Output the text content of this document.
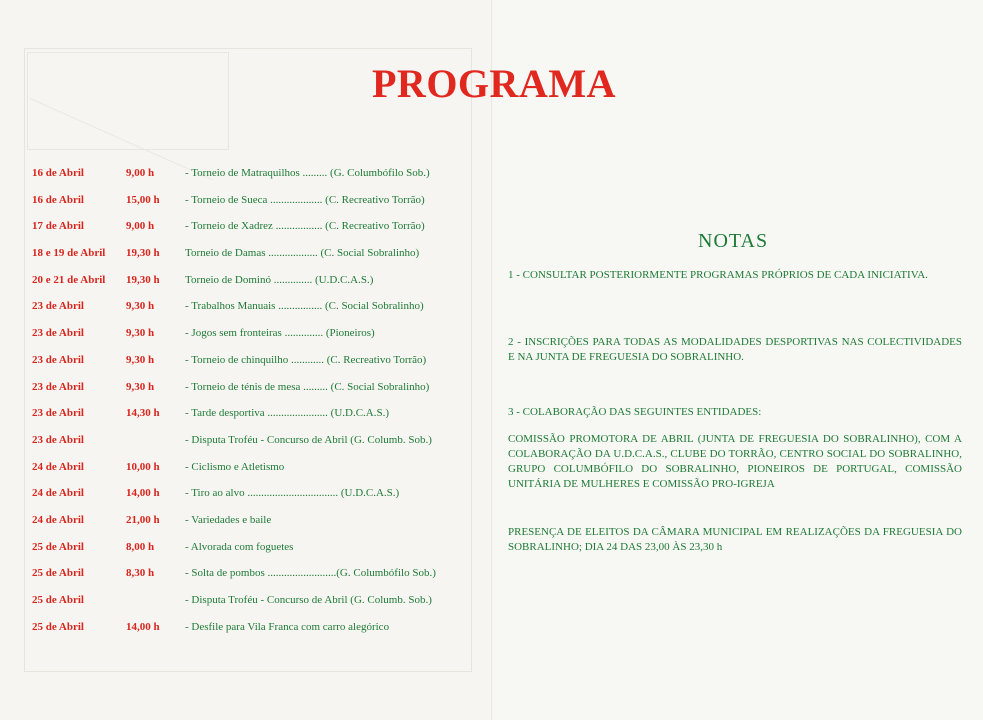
PROGRAMA
16 de Abril	9,00 h	- Torneio de Matraquilhos ......... (G. Columbófilo Sob.)
16 de Abril	15,00 h - Torneio de Sueca ................... (C. Recreativo Torrão)
17 de Abril	9,00 h	- Torneio de Xadrez ................. (C. Recreativo Torrão)
18 e 19 de Abril 19,30 h Torneio de Damas .................. (C. Social Sobralinho)
20 e 21 de Abril 19,30 h Torneio de Dominó .............. (U.D.C.A.S.)
23 de Abril	9,30 h	- Trabalhos Manuais ................ (C. Social Sobralinho)
23 de Abril	9,30 h	- Jogos sem fronteiras .............. (Pioneiros)
23 de Abril	9,30 h	- Torneio de chinquilho ............ (C. Recreativo Torrão)
23 de Abril	9,30 h	- Torneio de ténis de mesa ......... (C. Social Sobralinho)
23 de Abril	14,30 h - Tarde desportiva ...................... (U.D.C.A.S.)
23 de Abril	- Disputa Troféu - Concurso de Abril (G. Columb. Sob.)
24 de Abril	10,00 h - Ciclismo e Atletismo
24 de Abril	14,00 h - Tiro ao alvo ................................. (U.D.C.A.S.)
24 de Abril	21,00 h - Variedades e baile
25 de Abril	8,00 h	- Alvorada com foguetes
25 de Abril	8,30 h	- Solta de pombos .........................(G. Columbófilo Sob.)
25 de Abril	- Disputa Troféu - Concurso de Abril (G. Columb. Sob.)
25 de Abril	14,00 h - Desfile para Vila Franca com carro alegórico
NOTAS

1 - CONSULTAR POSTERIORMENTE PROGRAMAS PRÓPRIOS DE CADA INICIATIVA.

2 - INSCRIÇÕES PARA TODAS AS MODALIDADES DESPORTIVAS NAS COLECTIVIDADES E NA JUNTA DE FREGUESIA DO SOBRALINHO.

3 - COLABORAÇÃO DAS SEGUINTES ENTIDADES:

COMISSÃO PROMOTORA DE ABRIL (JUNTA DE FREGUESIA DO SOBRALINHO), COM A COLABORAÇÃO DA U.D.C.A.S., CLUBE DO TORRÃO, CENTRO SOCIAL DO SOBRALINHO, GRUPO COLUMBÓFILO DO SOBRALINHO, PIONEIROS DE PORTUGAL, COMISSÃO UNITÁRIA DE MULHERES E COMISSÃO PRO-IGREJA

PRESENÇA DE ELEITOS DA CÂMARA MUNICIPAL EM REALIZAÇÕES DA FREGUESIA DO SOBRALINHO; DIA 24 DAS 23,00 ÀS 23,30 h
